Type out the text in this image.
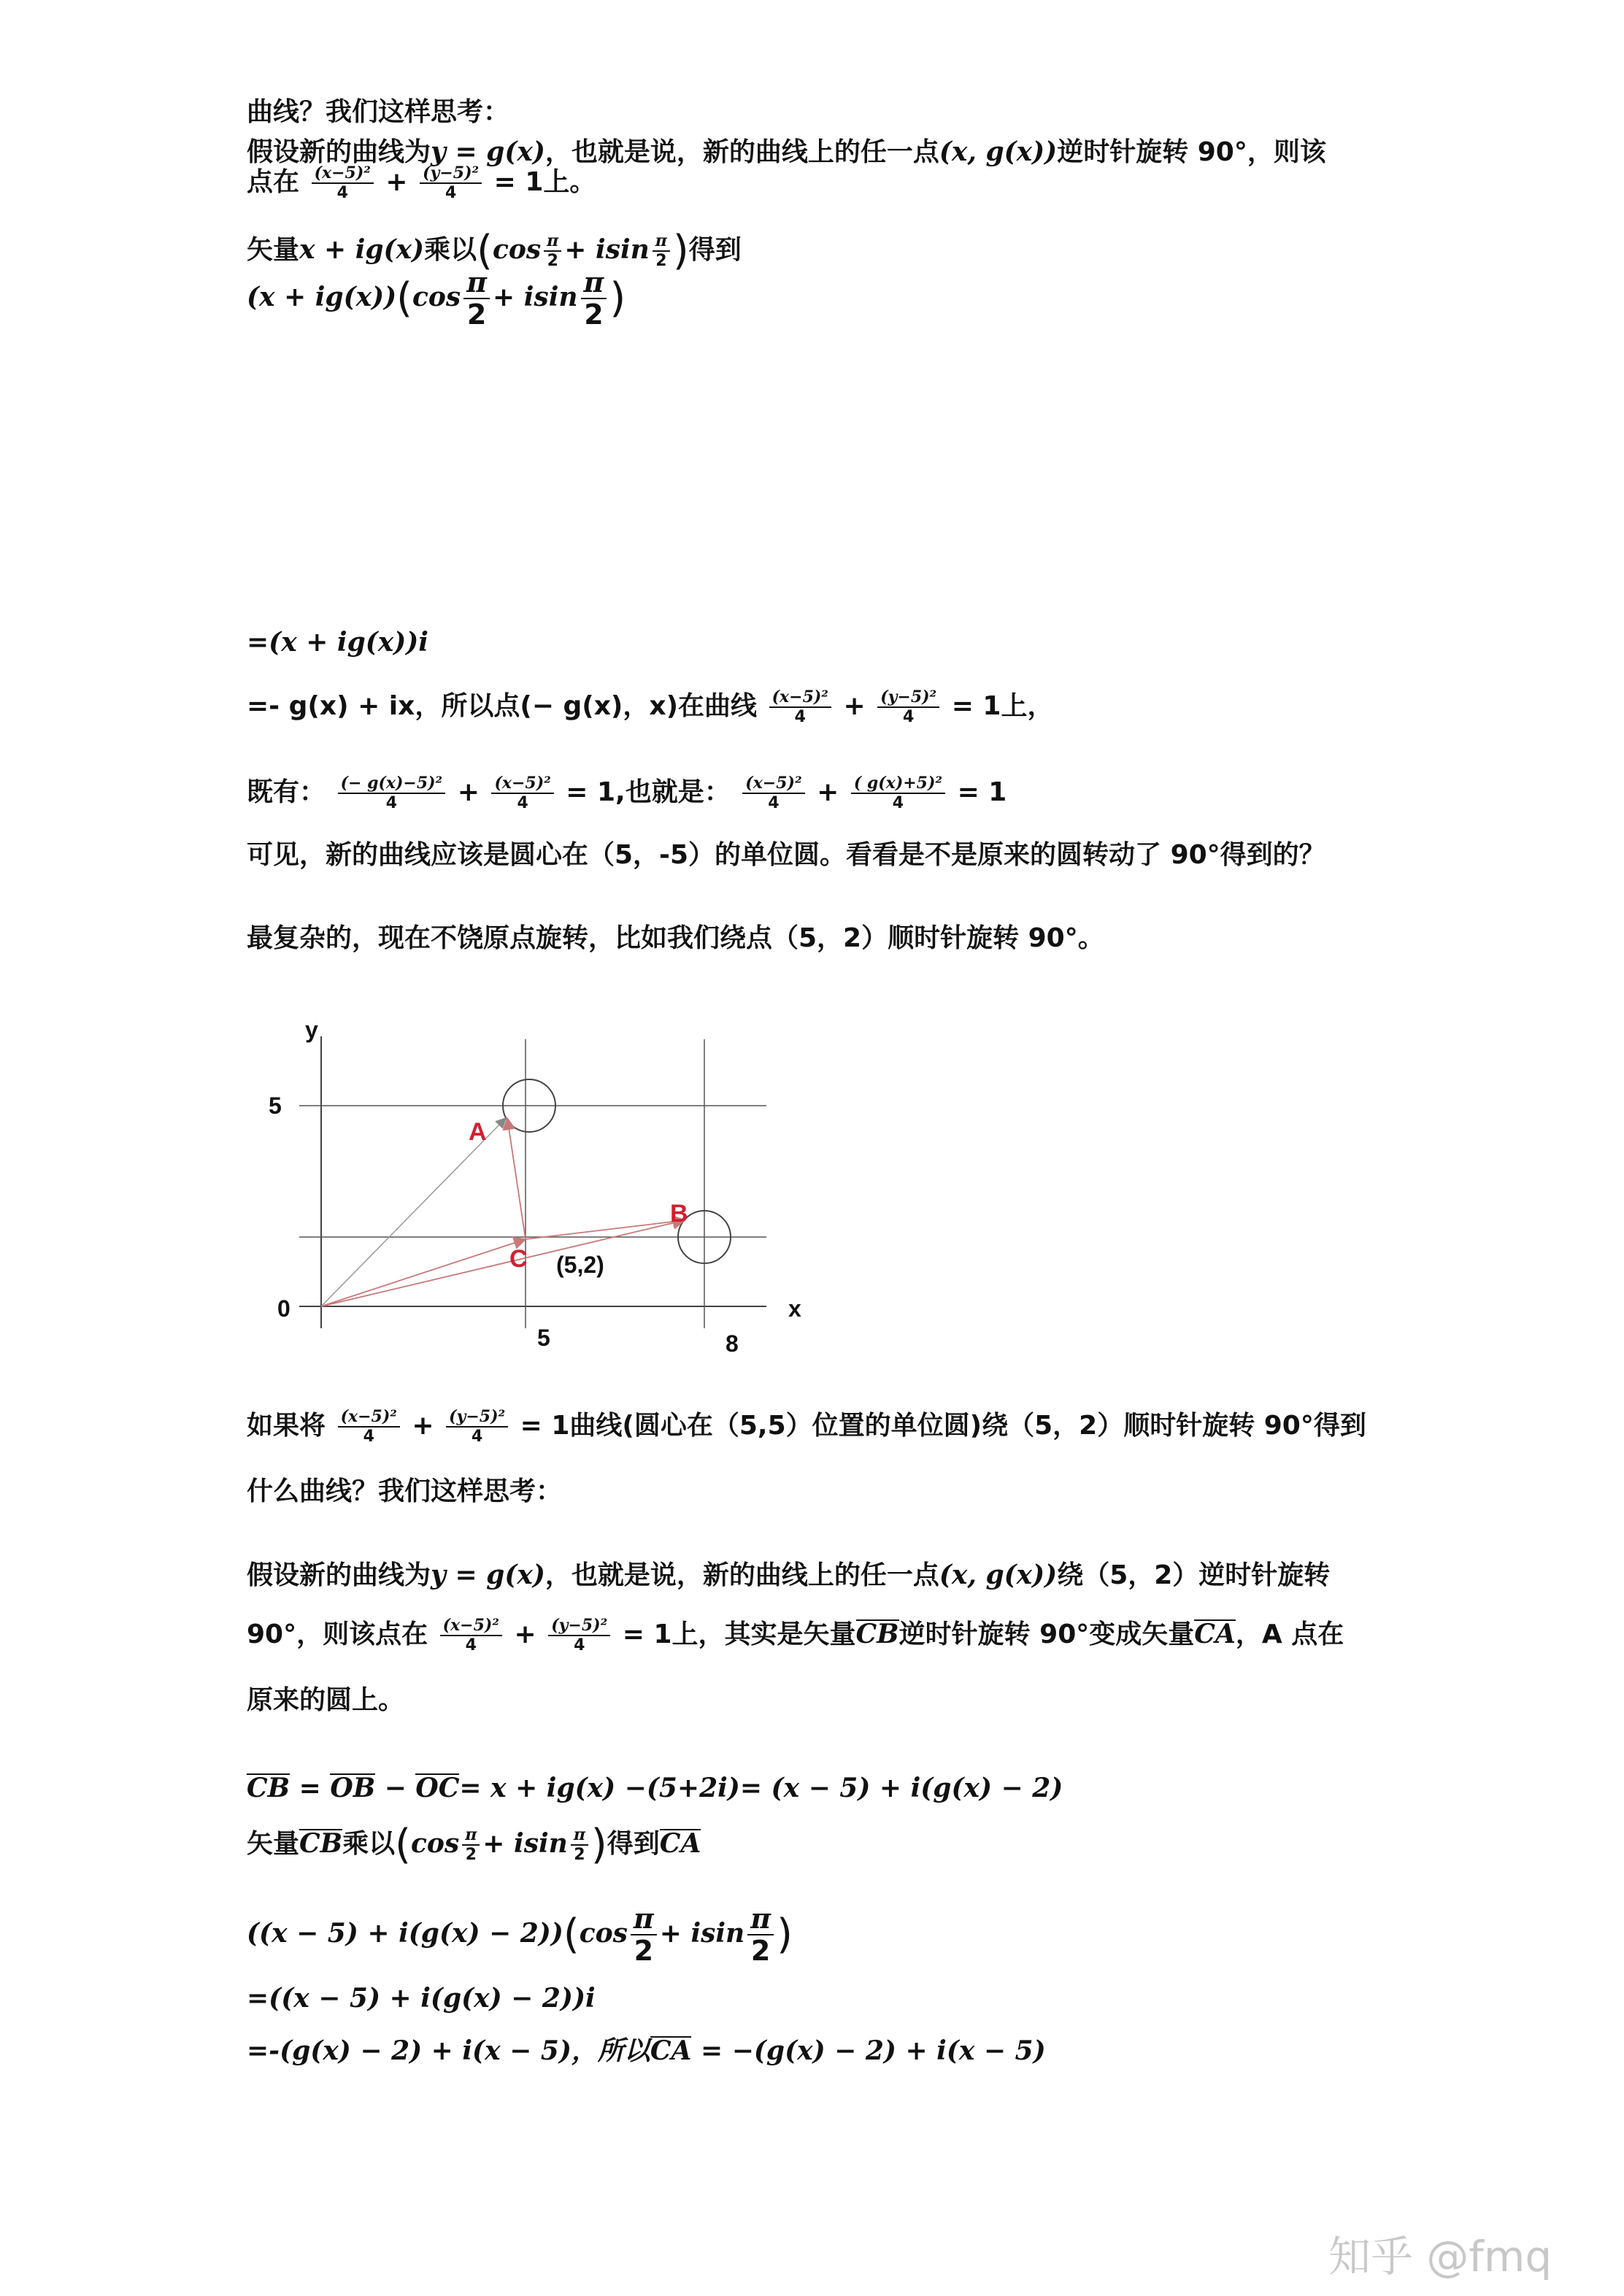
曲线？我们这样思考：
假设新的曲线为y = g(x)，也就是说，新的曲线上的任一点(x, g(x))逆时针旋转 90°，则该
点在 $\frac{\text{(x−5)²}}{4} + \frac{\text{(y−5)²}}{4} = 1$上。
矢量x + ig(x)乘以($\cos \frac{\pi}{2} + isin \frac{\pi}{2}$ )得到
$(x + ig(x))(\cos \frac{\pi}{2} + isin \frac{\pi}{2}$ )
=(x + ig(x))i
=- g(x) + ix，所以点(− g(x)，x)在曲线 $\frac{\text{(x−5)²}}{4} + \frac{\text{(y−5)²}}{4} = 1$上，
既有： $\frac{\text{(− g(x)−5)²}}{4} + \frac{\text{(x−5)²}}{4} = 1$,也就是： $\frac{\text{(x−5)²}}{4} + \frac{\text{( g(x)+5)²}}{4} = 1$
可见，新的曲线应该是圆心在（5，-5）的单位圆。看看是不是原来的圆转动了 90°得到的？
最复杂的，现在不饶原点旋转，比如我们绕点（5，2）顺时针旋转 90°。
y
x
5
0
5	8
A
B
C (5,2)
如果将 $\frac{\text{(x−5)²}}{4} + \frac{\text{(y−5)²}}{4} = 1$曲线(圆心在（5,5）位置的单位圆)绕（5，2）顺时针旋转 90°得到
什么曲线？我们这样思考：
假设新的曲线为y = g(x)，也就是说，新的曲线上的任一点(x, g(x))绕（5，2）逆时针旋转
90°，则该点在 $\frac{\text{(x−5)²}}{4} + \frac{\text{(y−5)²}}{4} = 1$上，其实是矢量CB逆时针旋转 90°变成矢量CA，A 点在
原来的圆上。
CB = OB − OC= x + ig(x) −(5+2i)= (x − 5) + i(g(x) − 2)
矢量CB乘以($\cos \frac{\pi}{2} + isin \frac{\pi}{2}$ )得到CA
$((x - 5) + i(g(x) - 2))(\cos \frac{\pi}{2} + isin \frac{\pi}{2}$ )
=((x − 5) + i(g(x) − 2))i
=-(g(x) − 2) + i(x − 5)，所以CA = −(g(x) − 2) + i(x − 5)
知乎 @fmq
